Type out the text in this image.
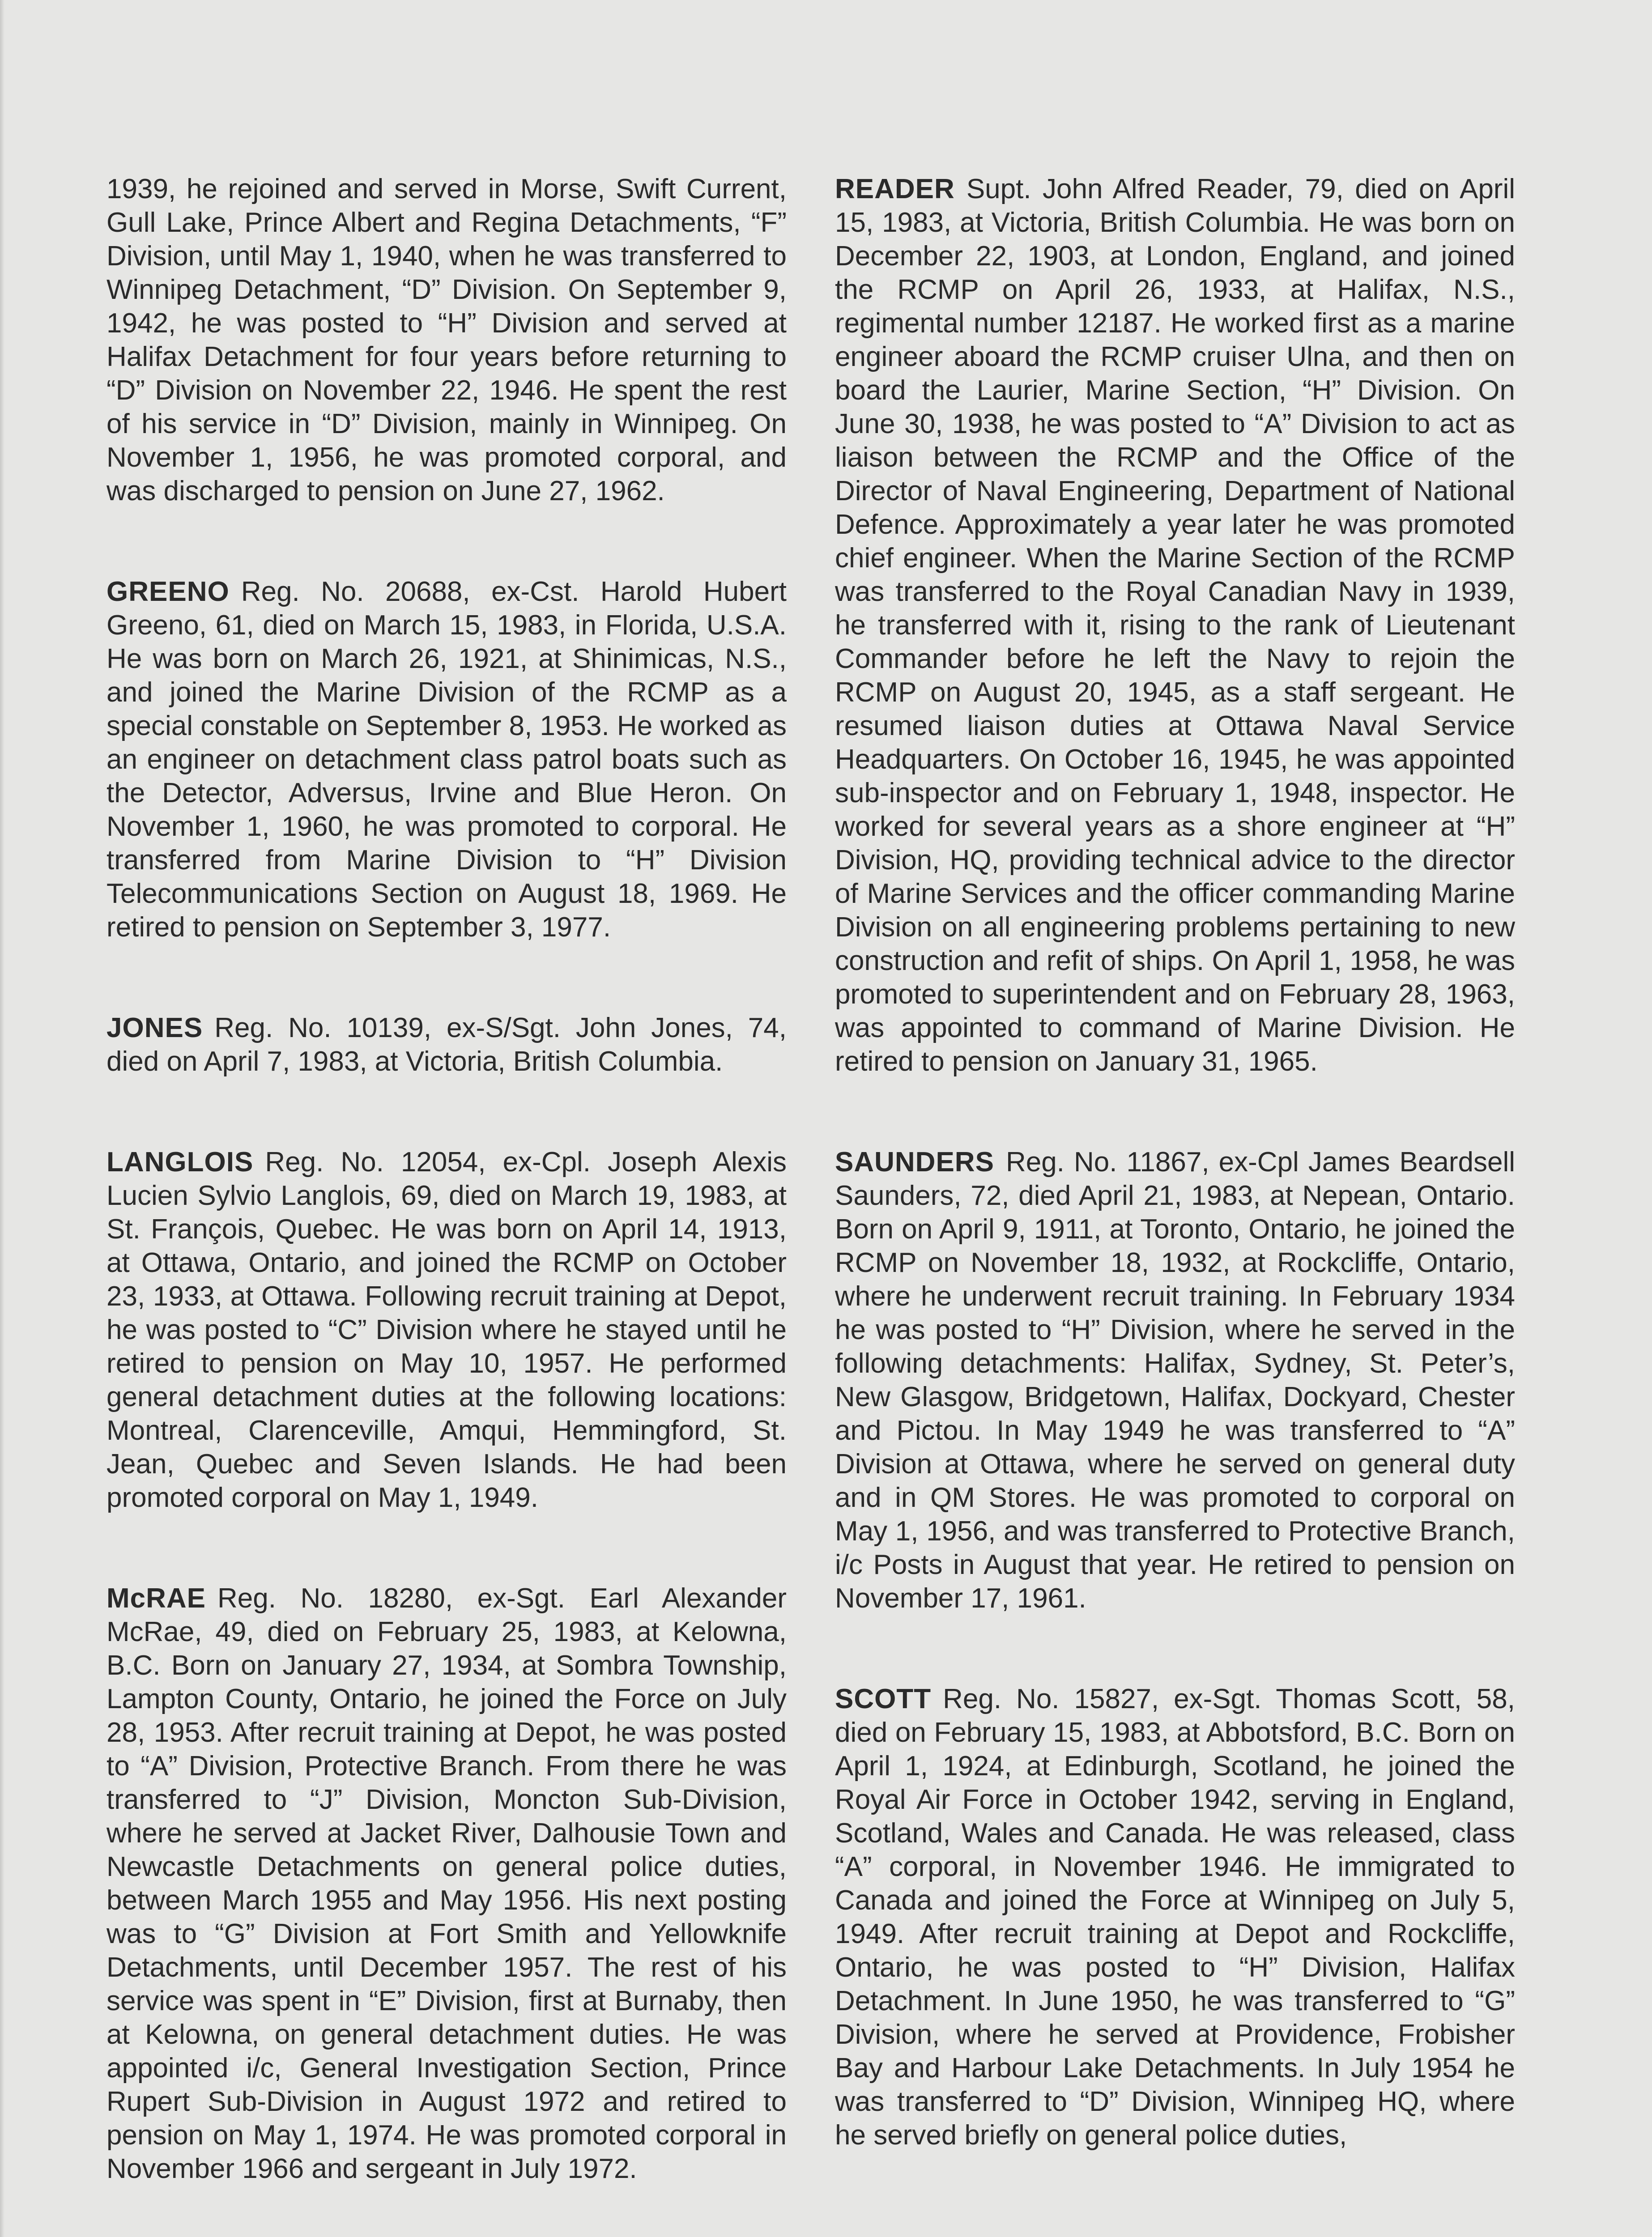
1939, he rejoined and served in Morse, Swift Current, Gull Lake, Prince Albert and Regina Detachments, “F” Division, until May 1, 1940, when he was transferred to Winnipeg Detachment, “D” Division. On September 9, 1942, he was posted to “H” Division and served at Halifax Detachment for four years before returning to “D” Division on November 22, 1946. He spent the rest of his service in “D” Division, mainly in Winnipeg. On November 1, 1956, he was promoted corporal, and was discharged to pension on June 27, 1962.

GREENO Reg. No. 20688, ex-Cst. Harold Hubert Greeno, 61, died on March 15, 1983, in Florida, U.S.A. He was born on March 26, 1921, at Shinimicas, N.S., and joined the Marine Division of the RCMP as a special constable on September 8, 1953. He worked as an engineer on detachment class patrol boats such as the Detector, Adversus, Irvine and Blue Heron. On November 1, 1960, he was promoted to corporal. He transferred from Marine Division to “H” Division Telecommunications Section on August 18, 1969. He retired to pension on September 3, 1977.

JONES Reg. No. 10139, ex-S/Sgt. John Jones, 74, died on April 7, 1983, at Victoria, British Columbia.

LANGLOIS Reg. No. 12054, ex-Cpl. Joseph Alexis Lucien Sylvio Langlois, 69, died on March 19, 1983, at St. François, Quebec. He was born on April 14, 1913, at Ottawa, Ontario, and joined the RCMP on October 23, 1933, at Ottawa. Following recruit training at Depot, he was posted to “C” Division where he stayed until he retired to pension on May 10, 1957. He performed general detachment duties at the following locations: Montreal, Clarenceville, Amqui, Hemmingford, St. Jean, Quebec and Seven Islands. He had been promoted corporal on May 1, 1949.

McRAE Reg. No. 18280, ex-Sgt. Earl Alexander McRae, 49, died on February 25, 1983, at Kelowna, B.C. Born on January 27, 1934, at Sombra Township, Lampton County, Ontario, he joined the Force on July 28, 1953. After recruit training at Depot, he was posted to “A” Division, Protective Branch. From there he was transferred to “J” Division, Moncton Sub-Division, where he served at Jacket River, Dalhousie Town and Newcastle Detachments on general police duties, between March 1955 and May 1956. His next posting was to “G” Division at Fort Smith and Yellowknife Detachments, until December 1957. The rest of his service was spent in “E” Division, first at Burnaby, then at Kelowna, on general detachment duties. He was appointed i/c, General Investigation Section, Prince Rupert Sub-Division in August 1972 and retired to pension on May 1, 1974. He was promoted corporal in November 1966 and sergeant in July 1972.

READER Supt. John Alfred Reader, 79, died on April 15, 1983, at Victoria, British Columbia. He was born on December 22, 1903, at London, England, and joined the RCMP on April 26, 1933, at Halifax, N.S., regimental number 12187. He worked first as a marine engineer aboard the RCMP cruiser Ulna, and then on board the Laurier, Marine Section, “H” Division. On June 30, 1938, he was posted to “A” Division to act as liaison between the RCMP and the Office of the Director of Naval Engineering, Department of National Defence. Approximately a year later he was promoted chief engineer. When the Marine Section of the RCMP was transferred to the Royal Canadian Navy in 1939, he transferred with it, rising to the rank of Lieutenant Commander before he left the Navy to rejoin the RCMP on August 20, 1945, as a staff sergeant. He resumed liaison duties at Ottawa Naval Service Headquarters. On October 16, 1945, he was appointed sub-inspector and on February 1, 1948, inspector. He worked for several years as a shore engineer at “H” Division, HQ, providing technical advice to the director of Marine Services and the officer commanding Marine Division on all engineering problems pertaining to new construction and refit of ships. On April 1, 1958, he was promoted to superintendent and on February 28, 1963, was appointed to command of Marine Division. He retired to pension on January 31, 1965.

SAUNDERS Reg. No. 11867, ex-Cpl James Beardsell Saunders, 72, died April 21, 1983, at Nepean, Ontario. Born on April 9, 1911, at Toronto, Ontario, he joined the RCMP on November 18, 1932, at Rockcliffe, Ontario, where he underwent recruit training. In February 1934 he was posted to “H” Division, where he served in the following detachments: Halifax, Sydney, St. Peter’s, New Glasgow, Bridgetown, Halifax, Dockyard, Chester and Pictou. In May 1949 he was transferred to “A” Division at Ottawa, where he served on general duty and in QM Stores. He was promoted to corporal on May 1, 1956, and was transferred to Protective Branch, i/c Posts in August that year. He retired to pension on November 17, 1961.

SCOTT Reg. No. 15827, ex-Sgt. Thomas Scott, 58, died on February 15, 1983, at Abbotsford, B.C. Born on April 1, 1924, at Edinburgh, Scotland, he joined the Royal Air Force in October 1942, serving in England, Scotland, Wales and Canada. He was released, class “A” corporal, in November 1946. He immigrated to Canada and joined the Force at Winnipeg on July 5, 1949. After recruit training at Depot and Rockcliffe, Ontario, he was posted to “H” Division, Halifax Detachment. In June 1950, he was transferred to “G” Division, where he served at Providence, Frobisher Bay and Harbour Lake Detachments. In July 1954 he was transferred to “D” Division, Winnipeg HQ, where he served briefly on general police duties,
